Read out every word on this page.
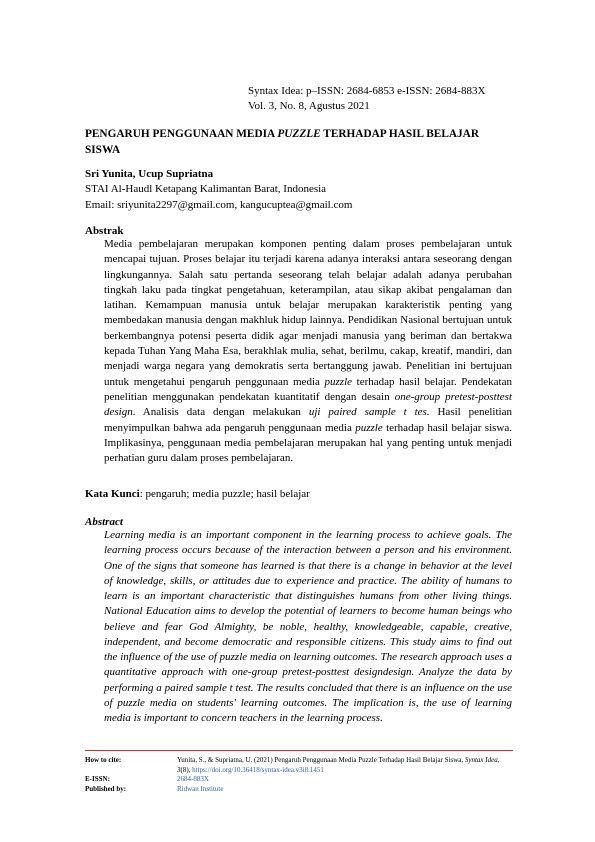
Syntax Idea: p–ISSN: 2684-6853 e-ISSN: 2684-883X
Vol. 3, No. 8, Agustus 2021
PENGARUH PENGGUNAAN MEDIA PUZZLE TERHADAP HASIL BELAJAR SISWA
Sri Yunita, Ucup Supriatna
STAI Al-Haudl Ketapang Kalimantan Barat, Indonesia
Email: sriyunita2297@gmail.com, kangucuptea@gmail.com
Abstrak
Media pembelajaran merupakan komponen penting dalam proses pembelajaran untuk mencapai tujuan. Proses belajar itu terjadi karena adanya interaksi antara seseorang dengan lingkungannya. Salah satu pertanda seseorang telah belajar adalah adanya perubahan tingkah laku pada tingkat pengetahuan, keterampilan, atau sikap akibat pengalaman dan latihan. Kemampuan manusia untuk belajar merupakan karakteristik penting yang membedakan manusia dengan makhluk hidup lainnya. Pendidikan Nasional bertujuan untuk berkembangnya potensi peserta didik agar menjadi manusia yang beriman dan bertakwa kepada Tuhan Yang Maha Esa, berakhlak mulia, sehat, berilmu, cakap, kreatif, mandiri, dan menjadi warga negara yang demokratis serta bertanggung jawab. Penelitian ini bertujuan untuk mengetahui pengaruh penggunaan media puzzle terhadap hasil belajar. Pendekatan penelitian menggunakan pendekatan kuantitatif dengan desain one-group pretest-posttest design. Analisis data dengan melakukan uji paired sample t tes. Hasil penelitian menyimpulkan bahwa ada pengaruh penggunaan media puzzle terhadap hasil belajar siswa. Implikasinya, penggunaan media pembelajaran merupakan hal yang penting untuk menjadi perhatian guru dalam proses pembelajaran.
Kata Kunci: pengaruh; media puzzle; hasil belajar
Abstract
Learning media is an important component in the learning process to achieve goals. The learning process occurs because of the interaction between a person and his environment. One of the signs that someone has learned is that there is a change in behavior at the level of knowledge, skills, or attitudes due to experience and practice. The ability of humans to learn is an important characteristic that distinguishes humans from other living things. National Education aims to develop the potential of learners to become human beings who believe and fear God Almighty, be noble, healthy, knowledgeable, capable, creative, independent, and become democratic and responsible citizens. This study aims to find out the influence of the use of puzzle media on learning outcomes. The research approach uses a quantitative approach with one-group pretest-posttest designdesign. Analyze the data by performing a paired sample t test. The results concluded that there is an influence on the use of puzzle media on students' learning outcomes. The implication is, the use of learning media is important to concern teachers in the learning process.
How to cite:	Yunita, S., & Supriatna, U. (2021) Pengaruh Penggunaan Media Puzzle Terhadap Hasil Belajar Siswa, Syntax Idea, 3(8), https://doi.org/10.36418/syntax-idea.v3i8.1451
E-ISSN:	2684-883X
Published by:	Ridwan Institute
